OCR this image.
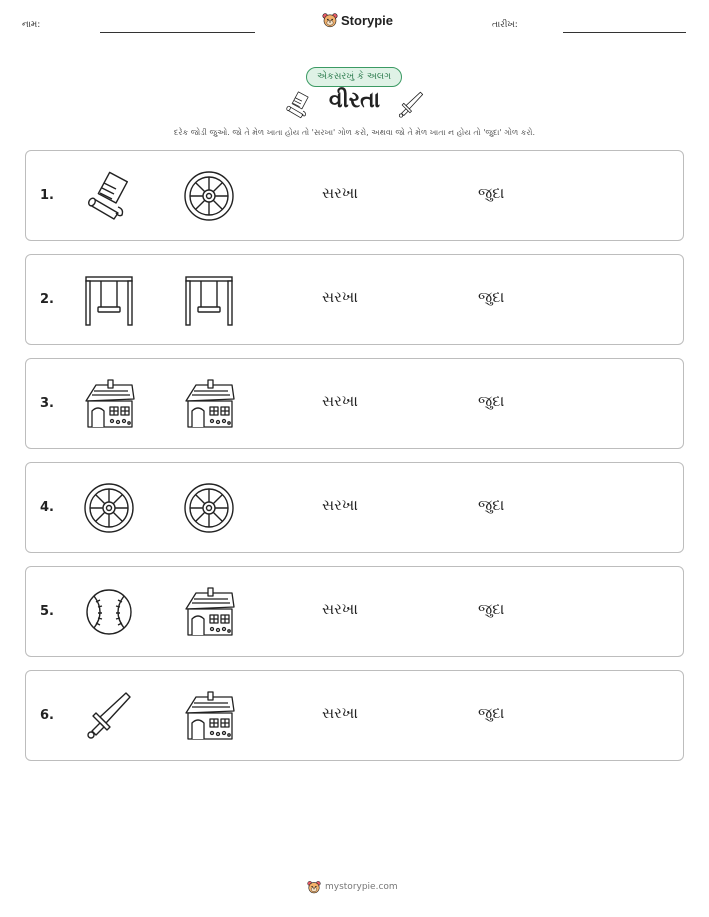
નામ:	Storypie	તારીખ:
એકસરખું કે અલગ
વીરતા
દરેક જોડી જુઓ. જો તે મેળ ખાતા હોય તો 'સરખા' ગોળ કરો, અથવા જો તે મેળ ખાતા ન હોય તો 'જુદા' ગોળ કરો.
1.	સરખા	જુદા
2.	સરખા	જુદા
3.	સરખા	જુદા
4.	સરખા	જુદા
5.	સરખા	જુદા
6.	સરખા	જુદા
mystorypie.com
